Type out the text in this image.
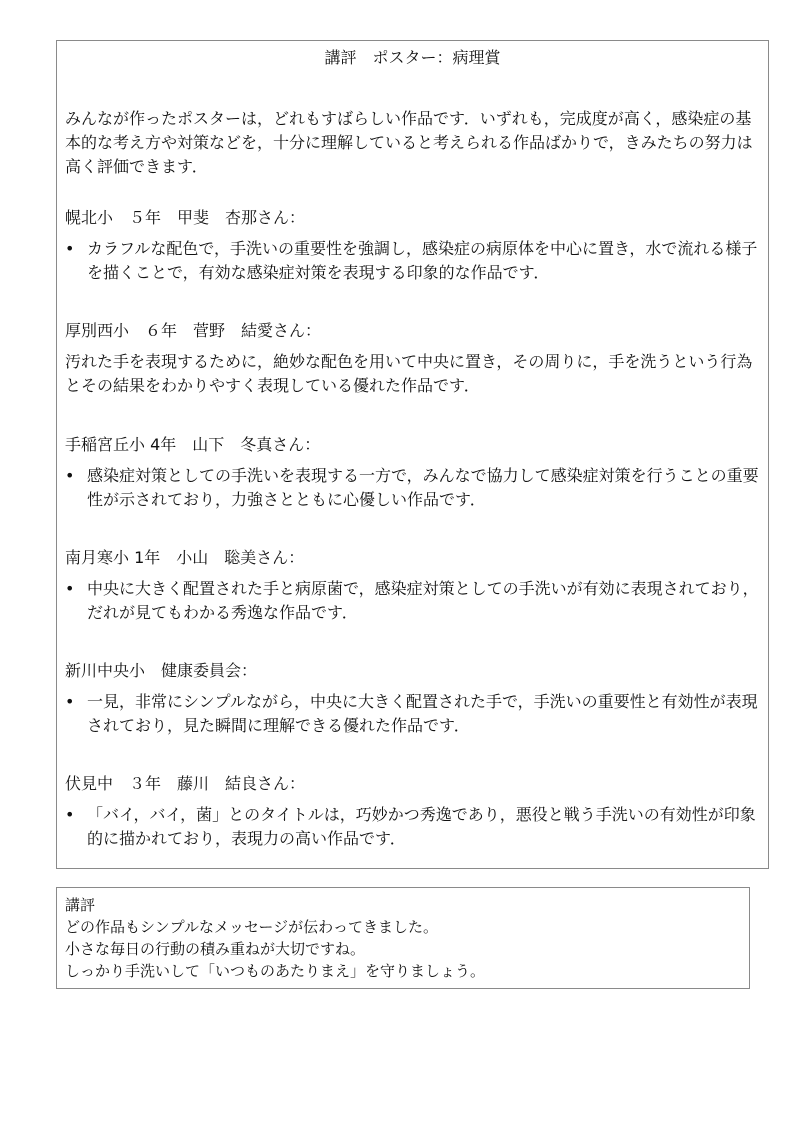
講評　ポスター：病理賞
みんなが作ったポスターは，どれもすばらしい作品です．いずれも，完成度が高く，感染症の基本的な考え方や対策などを，十分に理解していると考えられる作品ばかりで，きみたちの努力は高く評価できます．

幌北小　５年　甲斐　杏那さん：

• カラフルな配色で，手洗いの重要性を強調し，感染症の病原体を中心に置き，水で流れる様子を描くことで，有効な感染症対策を表現する印象的な作品です．

厚別西小　６年　菅野　結愛さん：

汚れた手を表現するために，絶妙な配色を用いて中央に置き，その周りに，手を洗うという行為とその結果をわかりやすく表現している優れた作品です．

手稲宮丘小 4年　山下　冬真さん：

• 感染症対策としての手洗いを表現する一方で，みんなで協力して感染症対策を行うことの重要性が示されており，力強さとともに心優しい作品です．

南月寒小 1年　小山　聡美さん：

• 中央に大きく配置された手と病原菌で，感染症対策としての手洗いが有効に表現されており，だれが見てもわかる秀逸な作品です．

新川中央小　健康委員会：

• 一見，非常にシンプルながら，中央に大きく配置された手で，手洗いの重要性と有効性が表現されており，見た瞬間に理解できる優れた作品です．

伏見中　３年　藤川　結良さん：

• 「バイ，バイ，菌」とのタイトルは，巧妙かつ秀逸であり，悪役と戦う手洗いの有効性が印象的に描かれており，表現力の高い作品です．

講評

どの作品もシンプルなメッセージが伝わってきました。

小さな毎日の行動の積み重ねが大切ですね。

しっかり手洗いして「いつものあたりまえ」を守りましょう。
